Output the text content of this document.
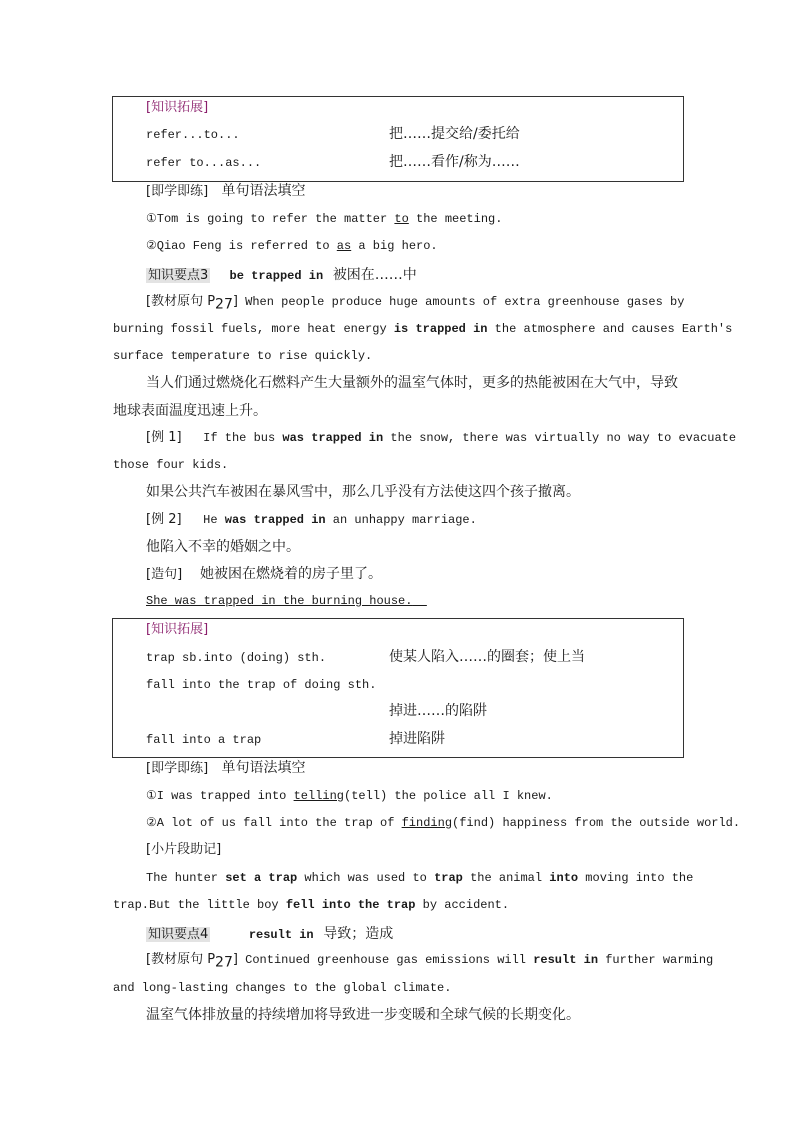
[知识拓展]
refer...to...	把……提交给/委托给
refer to...as...	把……看作/称为……
[即学即练] 单句语法填空
①Tom is going to refer the matter to the meeting.
②Qiao Feng is referred to as a big hero.
知识要点3 be trapped in 被困在……中
[教材原句 $P_{27}$] When people produce huge amounts of extra greenhouse gases by
burning fossil fuels, more heat energy is trapped in the atmosphere and causes Earth's
surface temperature to rise quickly.
当人们通过燃烧化石燃料产生大量额外的温室气体时，更多的热能被困在大气中，导致
地球表面温度迅速上升。
[例 1] If the bus was trapped in the snow, there was virtually no way to evacuate
those four kids.
如果公共汽车被困在暴风雪中，那么几乎没有方法使这四个孩子撤离。
[例 2] He was trapped in an unhappy marriage.
他陷入不幸的婚姻之中。
[造句] 她被困在燃烧着的房子里了。
She was trapped in the burning house.
[知识拓展]
trap sb.into (doing) sth.	使某人陷入……的圈套；使上当
fall into the trap of doing sth.
掉进……的陷阱
fall into a trap	掉进陷阱
[即学即练] 单句语法填空
①I was trapped into telling(tell) the police all I knew.
②A lot of us fall into the trap of finding(find) happiness from the outside world.
[小片段助记]
The hunter set a trap which was used to trap the animal into moving into the
trap.But the little boy fell into the trap by accident.
知识要点4	result in 导致；造成
[教材原句 $P_{27}$] Continued greenhouse gas emissions will result in further warming
and long-lasting changes to the global climate.
温室气体排放量的持续增加将导致进一步变暖和全球气候的长期变化。
